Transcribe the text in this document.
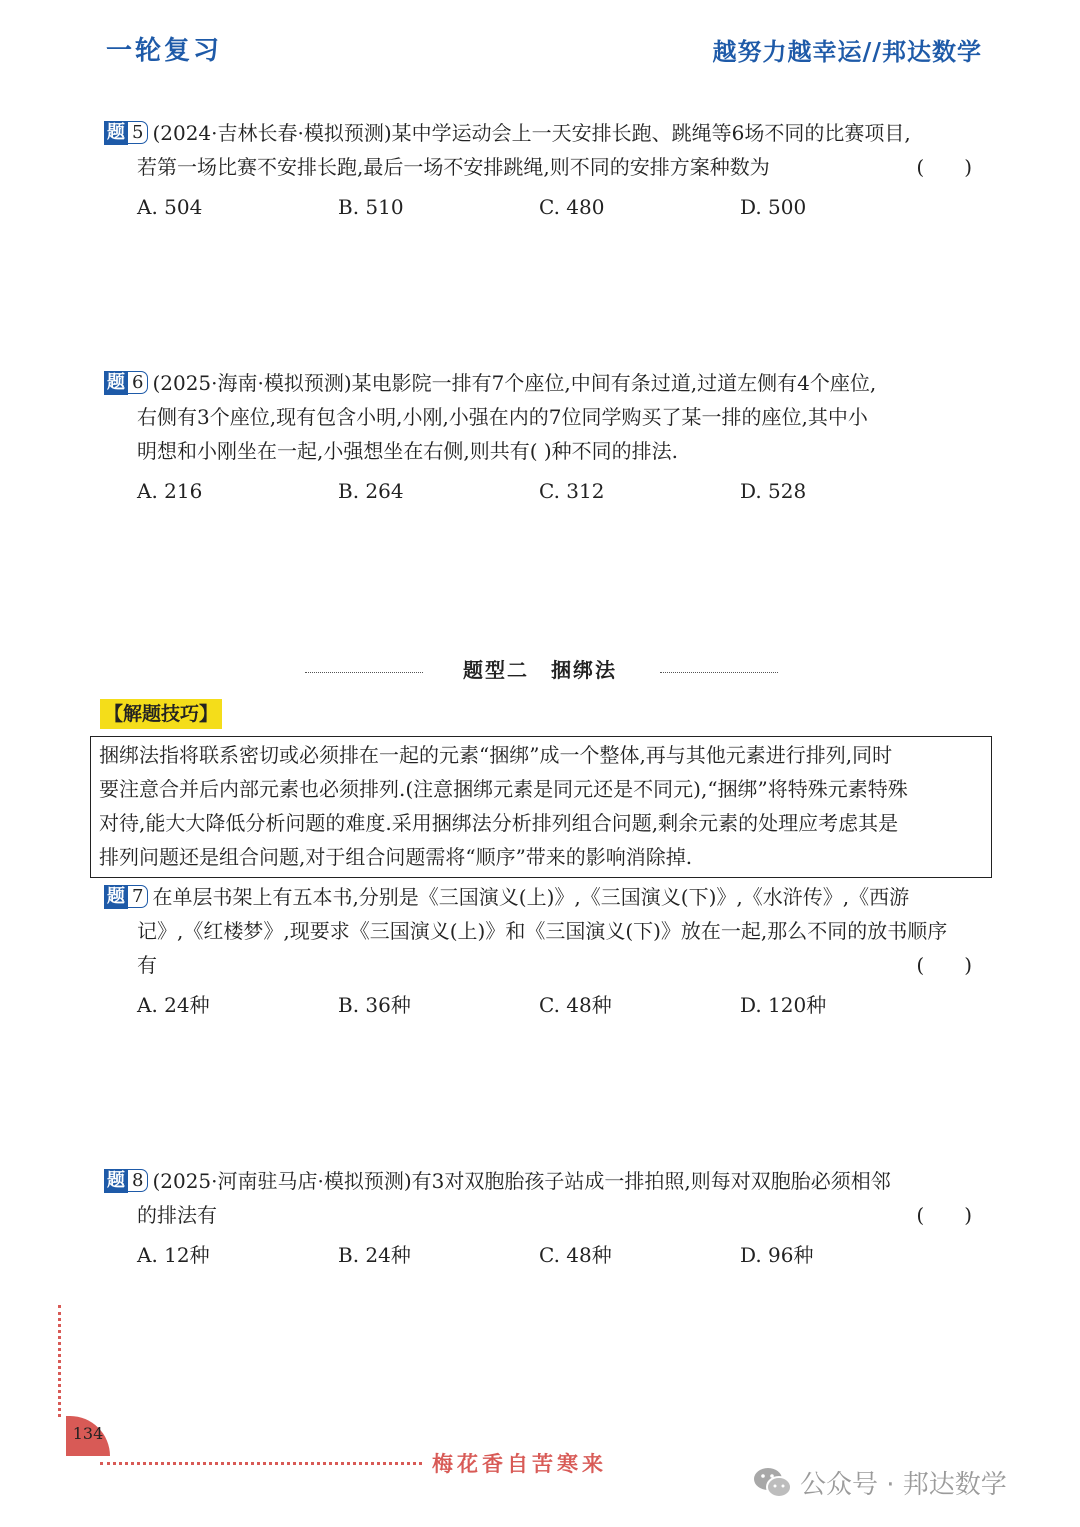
一轮复习	越努力越幸运//邦达数学
题 5 (2024·吉林长春·模拟预测)某中学运动会上一天安排长跑、跳绳等6场不同的比赛项目,
若第一场比赛不安排长跑,最后一场不安排跳绳,则不同的安排方案种数为	(　　)
A. 504	B. 510	C. 480	D. 500
题 6 (2025·海南·模拟预测)某电影院一排有7个座位,中间有条过道,过道左侧有4个座位,
右侧有3个座位,现有包含小明,小刚,小强在内的7位同学购买了某一排的座位,其中小
明想和小刚坐在一起,小强想坐在右侧,则共有( )种不同的排法.
A. 216	B. 264	C. 312	D. 528
题型二　捆绑法
【解题技巧】
捆绑法指将联系密切或必须排在一起的元素“捆绑”成一个整体,再与其他元素进行排列,同时
要注意合并后内部元素也必须排列.(注意捆绑元素是同元还是不同元),“捆绑”将特殊元素特殊
对待,能大大降低分析问题的难度.采用捆绑法分析排列组合问题,剩余元素的处理应考虑其是
排列问题还是组合问题,对于组合问题需将“顺序”带来的影响消除掉.
题 7 在单层书架上有五本书,分别是《三国演义(上)》,《三国演义(下)》,《水浒传》,《西游
记》,《红楼梦》,现要求《三国演义(上)》和《三国演义(下)》放在一起,那么不同的放书顺序
有	(　　)
A. 24种	B. 36种	C. 48种	D. 120种
题 8 (2025·河南驻马店·模拟预测)有3对双胞胎孩子站成一排拍照,则每对双胞胎必须相邻
的排法有	(　　)
A. 12种	B. 24种	C. 48种	D. 96种
134
梅花香自苦寒来
公众号 · 邦达数学
